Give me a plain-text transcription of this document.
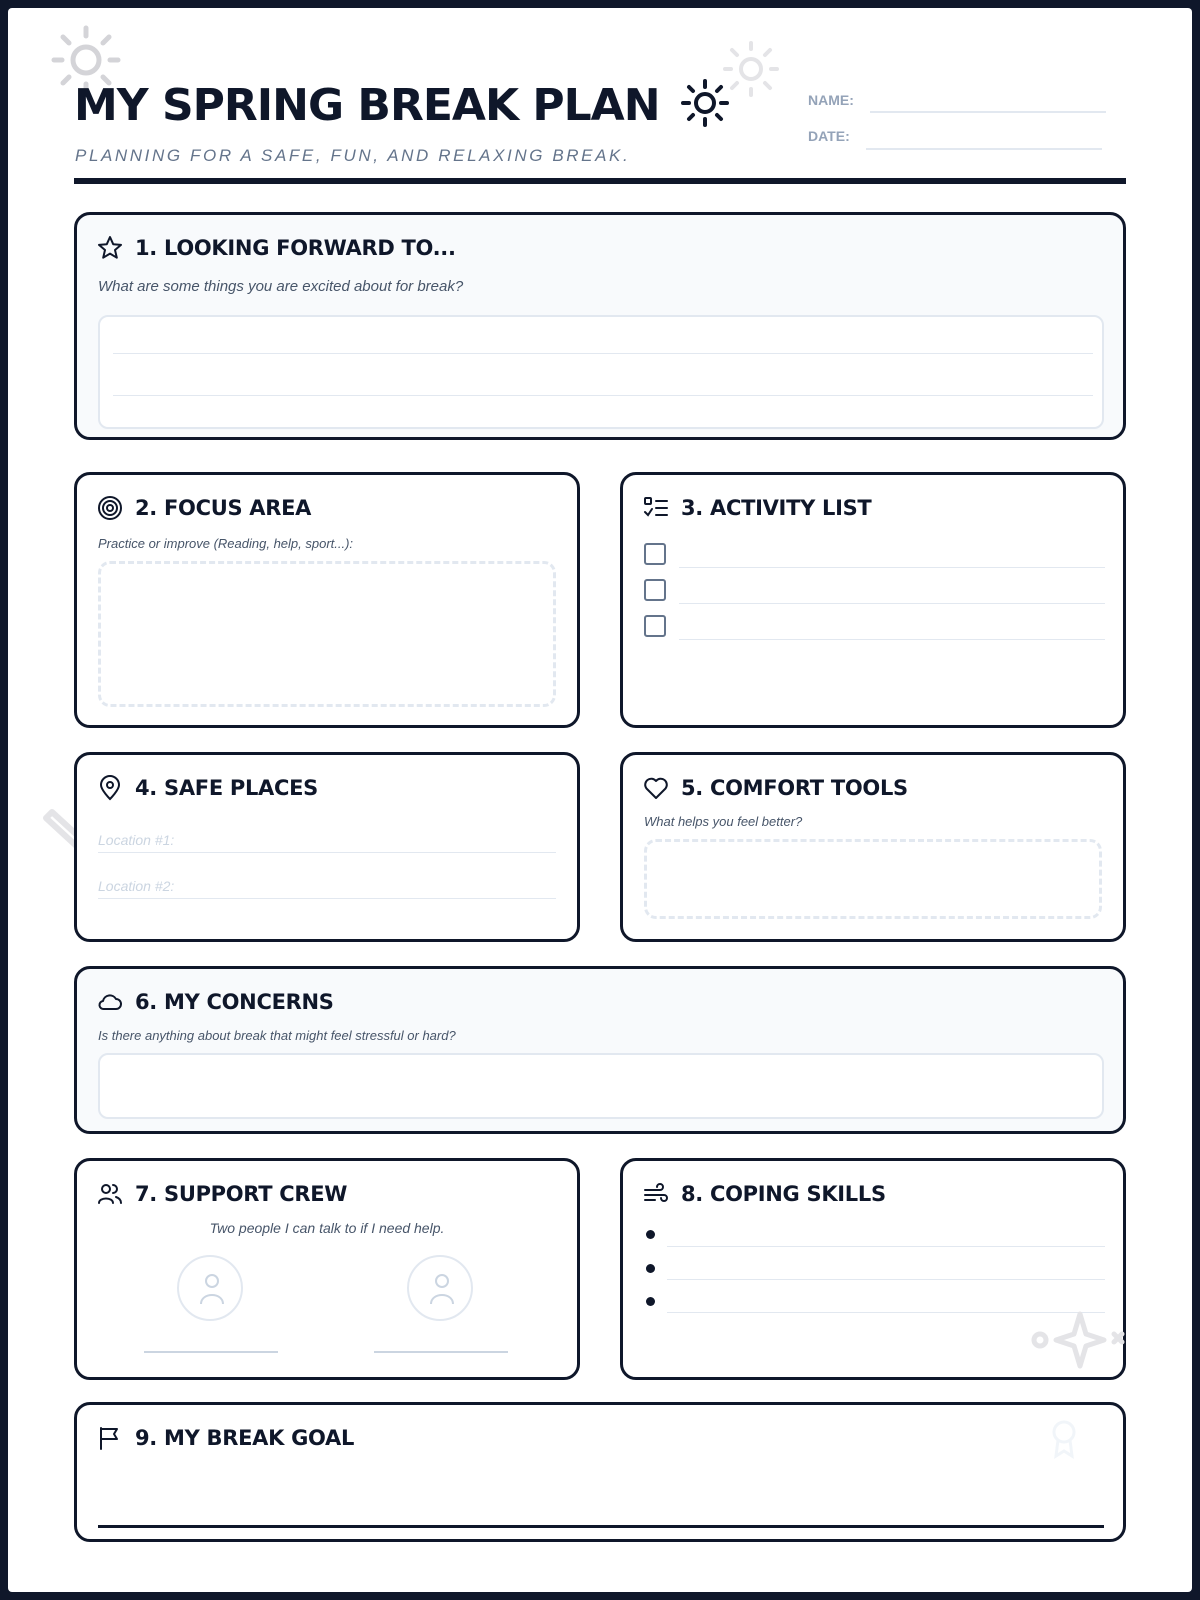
MY SPRING BREAK PLAN
PLANNING FOR A SAFE, FUN, AND RELAXING BREAK.
NAME:
DATE:
1. LOOKING FORWARD TO...
What are some things you are excited about for break?
2. FOCUS AREA
Practice or improve (Reading, help, sport...):
3. ACTIVITY LIST
4. SAFE PLACES
Location #1:
Location #2:
5. COMFORT TOOLS
What helps you feel better?
6. MY CONCERNS
Is there anything about break that might feel stressful or hard?
7. SUPPORT CREW
Two people I can talk to if I need help.
8. COPING SKILLS
9. MY BREAK GOAL
